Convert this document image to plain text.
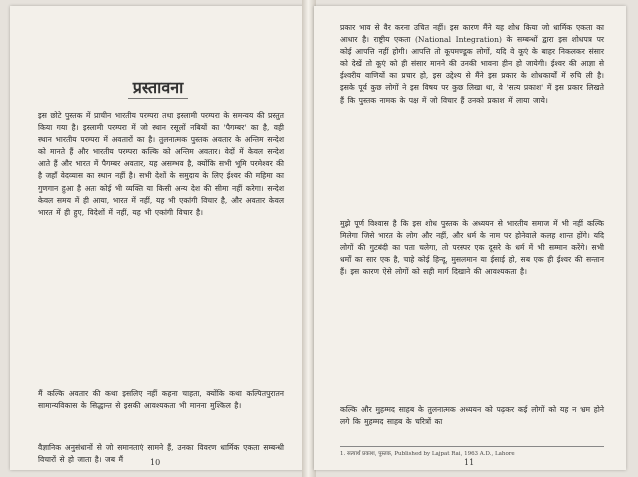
प्रस्तावना
इस छोटे पुस्तक में प्राचीन भारतीय परम्परा तथा इस्लामी परम्परा के समन्वय की प्रस्तुत किया गया है। इस्लामी परम्परा में जो स्थान रसूलों नबियों का 'पैगम्बर' का है, वही स्थान भारतीय परम्परा में अवतारों का है। तुलनात्मक पुस्तक अवतार के अन्तिम सन्देश को मानते हैं और भारतीय परम्परा कल्कि को अन्तिम अवतार। वेदों में केवल सन्देश आते हैं और भारत में पैगम्बर अवतार, यह असम्भव है, क्योंकि सभी भूमि परमेश्वर की है जहाँ वेदव्यास का स्थान नहीं है। सभी देशों के समुदाय के लिए ईश्वर की महिमा का गुणगान हुआ है अतः कोई भी व्यक्ति या किसी अन्य देश की सीमा नहीं करेगा। सन्देश केवल समय में ही आया, भारत में नहीं, यह भी एकांगी विचार है, और अवतार केवल भारत में ही हुए, विदेशों में नहीं, यह भी एकांगी विचार है।
मैं कल्कि अवतार की कथा इसलिए नहीं कहना चाहता, क्योंकि कथा कल्पितपुरातन सामान्यविकास के सिद्धान्त से इसकी आवश्यकता भी मानना मुश्किल है।
वैज्ञानिक अनुसंधानों से जो समानताएं सामने हैं, उनका विवरण धार्मिक एकता सम्बन्धी विचारों से हो जाता है। जब मैं	10
प्रकार भाव से वैर करना उचित नहीं। इस कारण मैंने यह शोध किया जो धार्मिक एकता का आधार है। राष्ट्रीय एकता (National Integration) के सम्बन्धों द्वारा इस शोधपत्र पर कोई आपत्ति नहीं होगी। आपत्ति तो कूपमण्डूक लोगों, यदि वे कूएं के बाहर निकलकर संसार को देखें तो कूएं को ही संसार मानने की उनकी भावना हीन हो जायेगी। ईश्वर की आज्ञा से ईश्वरीय वाणियों का प्रचार हो, इस उद्देश्य से मैंने इस प्रकार के शोधकार्यों में रुचि ली है। इसके पूर्व कुछ लोगों ने इस विषय पर कुछ लिखा था, वे 'सत्य प्रकाश' में इस प्रकार लिखते हैं कि पुस्तक नामक के पक्ष में जो विचार हैं उनको प्रकाश में लाया जाये।
मुझे पूर्ण विश्वास है कि इस शोध पुस्तक के अध्ययन से भारतीय समाज में भी नहीं कल्कि मिलेगा जिसे भारत के लोग और नहीं, और धर्म के नाम पर होनेवाले कलह शान्त होंगे। यदि लोगों की गुटबंदी का पता चलेगा, तो परस्पर एक दूसरे के धर्म में भी सम्मान करेंगे। सभी धर्मों का सार एक है, चाहे कोई हिन्दू, मुसलमान या ईसाई हो, सब एक ही ईश्वर की सन्तान हैं। इस कारण ऐसे लोगों को सही मार्ग दिखाने की आवश्यकता है।
कल्कि और मुहम्मद साहब के तुलनात्मक अध्ययन को पढ़कर कई लोगों को यह न भ्रम होने लगे कि मुहम्मद साहब के चरित्रों का
1. सत्यार्थ प्रकाश, पुस्तक, Published by Lajpat Rai, 1963 A.D., Lahore
11
